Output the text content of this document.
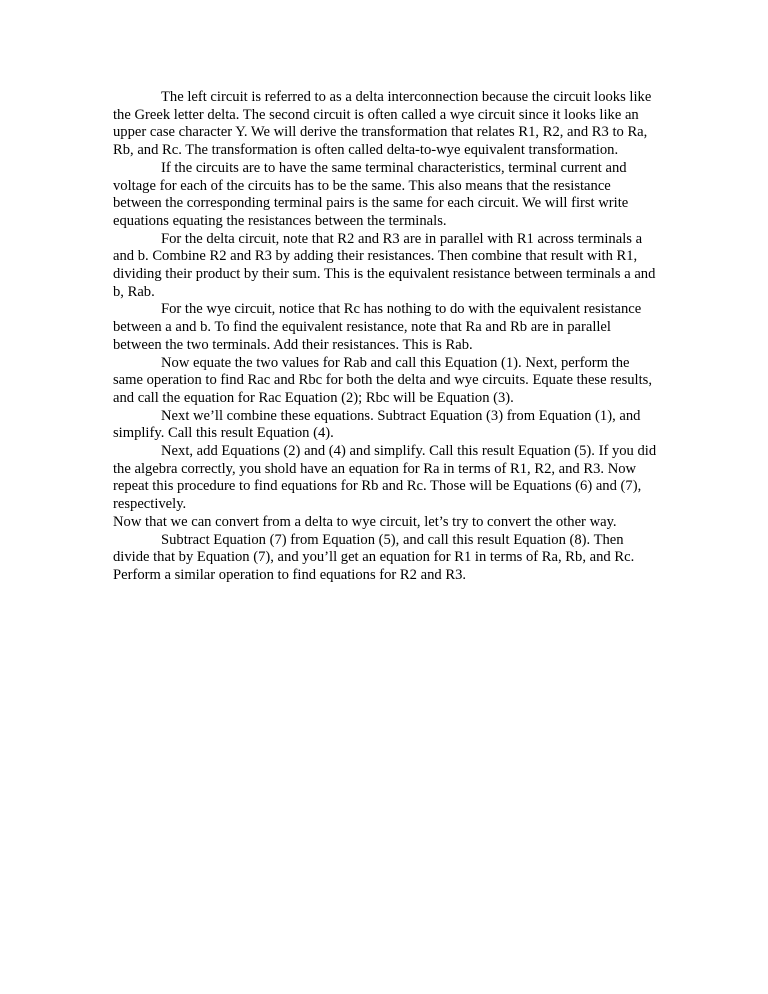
The left circuit is referred to as a delta interconnection because the circuit looks like the Greek letter delta. The second circuit is often called a wye circuit since it looks like an upper case character Y. We will derive the transformation that relates R1, R2, and R3 to Ra, Rb, and Rc. The transformation is often called delta-to-wye equivalent transformation.

If the circuits are to have the same terminal characteristics, terminal current and voltage for each of the circuits has to be the same. This also means that the resistance between the corresponding terminal pairs is the same for each circuit. We will first write equations equating the resistances between the terminals.

For the delta circuit, note that R2 and R3 are in parallel with R1 across terminals a and b. Combine R2 and R3 by adding their resistances. Then combine that result with R1, dividing their product by their sum. This is the equivalent resistance between terminals a and b, Rab.

For the wye circuit, notice that Rc has nothing to do with the equivalent resistance between a and b. To find the equivalent resistance, note that Ra and Rb are in parallel between the two terminals. Add their resistances. This is Rab.

Now equate the two values for Rab and call this Equation (1). Next, perform the same operation to find Rac and Rbc for both the delta and wye circuits. Equate these results, and call the equation for Rac Equation (2); Rbc will be Equation (3).

Next we’ll combine these equations. Subtract Equation (3) from Equation (1), and simplify. Call this result Equation (4).

Next, add Equations (2) and (4) and simplify. Call this result Equation (5). If you did the algebra correctly, you shold have an equation for Ra in terms of R1, R2, and R3. Now repeat this procedure to find equations for Rb and Rc. Those will be Equations (6) and (7), respectively.

Now that we can convert from a delta to wye circuit, let’s try to convert the other way.

Subtract Equation (7) from Equation (5), and call this result Equation (8). Then divide that by Equation (7), and you’ll get an equation for R1 in terms of Ra, Rb, and Rc. Perform a similar operation to find equations for R2 and R3.
